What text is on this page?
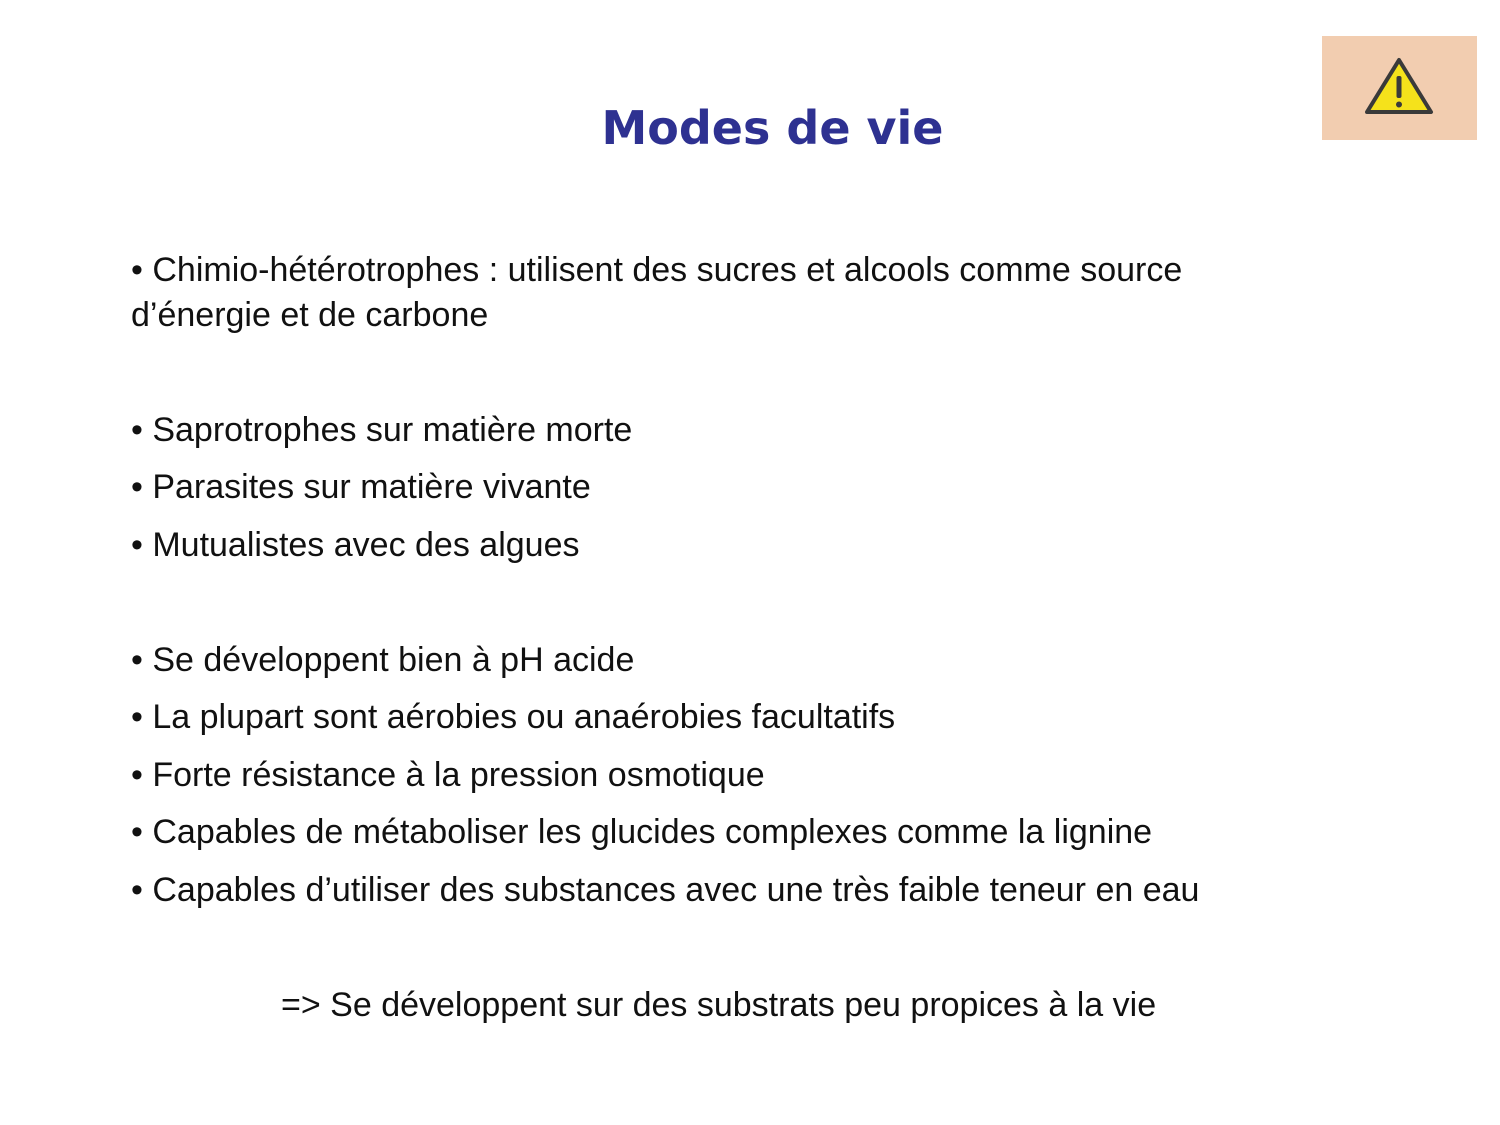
Modes de vie

• Chimio-hétérotrophes : utilisent des sucres et alcools comme source

d’énergie et de carbone

• Saprotrophes sur matière morte

• Parasites sur matière vivante

• Mutualistes avec des algues

• Se développent bien à pH acide

• La plupart sont aérobies ou anaérobies facultatifs

• Forte résistance à la pression osmotique

• Capables de métaboliser les glucides complexes comme la lignine

• Capables d’utiliser des substances avec une très faible teneur en eau

=> Se développent sur des substrats peu propices à la vie
